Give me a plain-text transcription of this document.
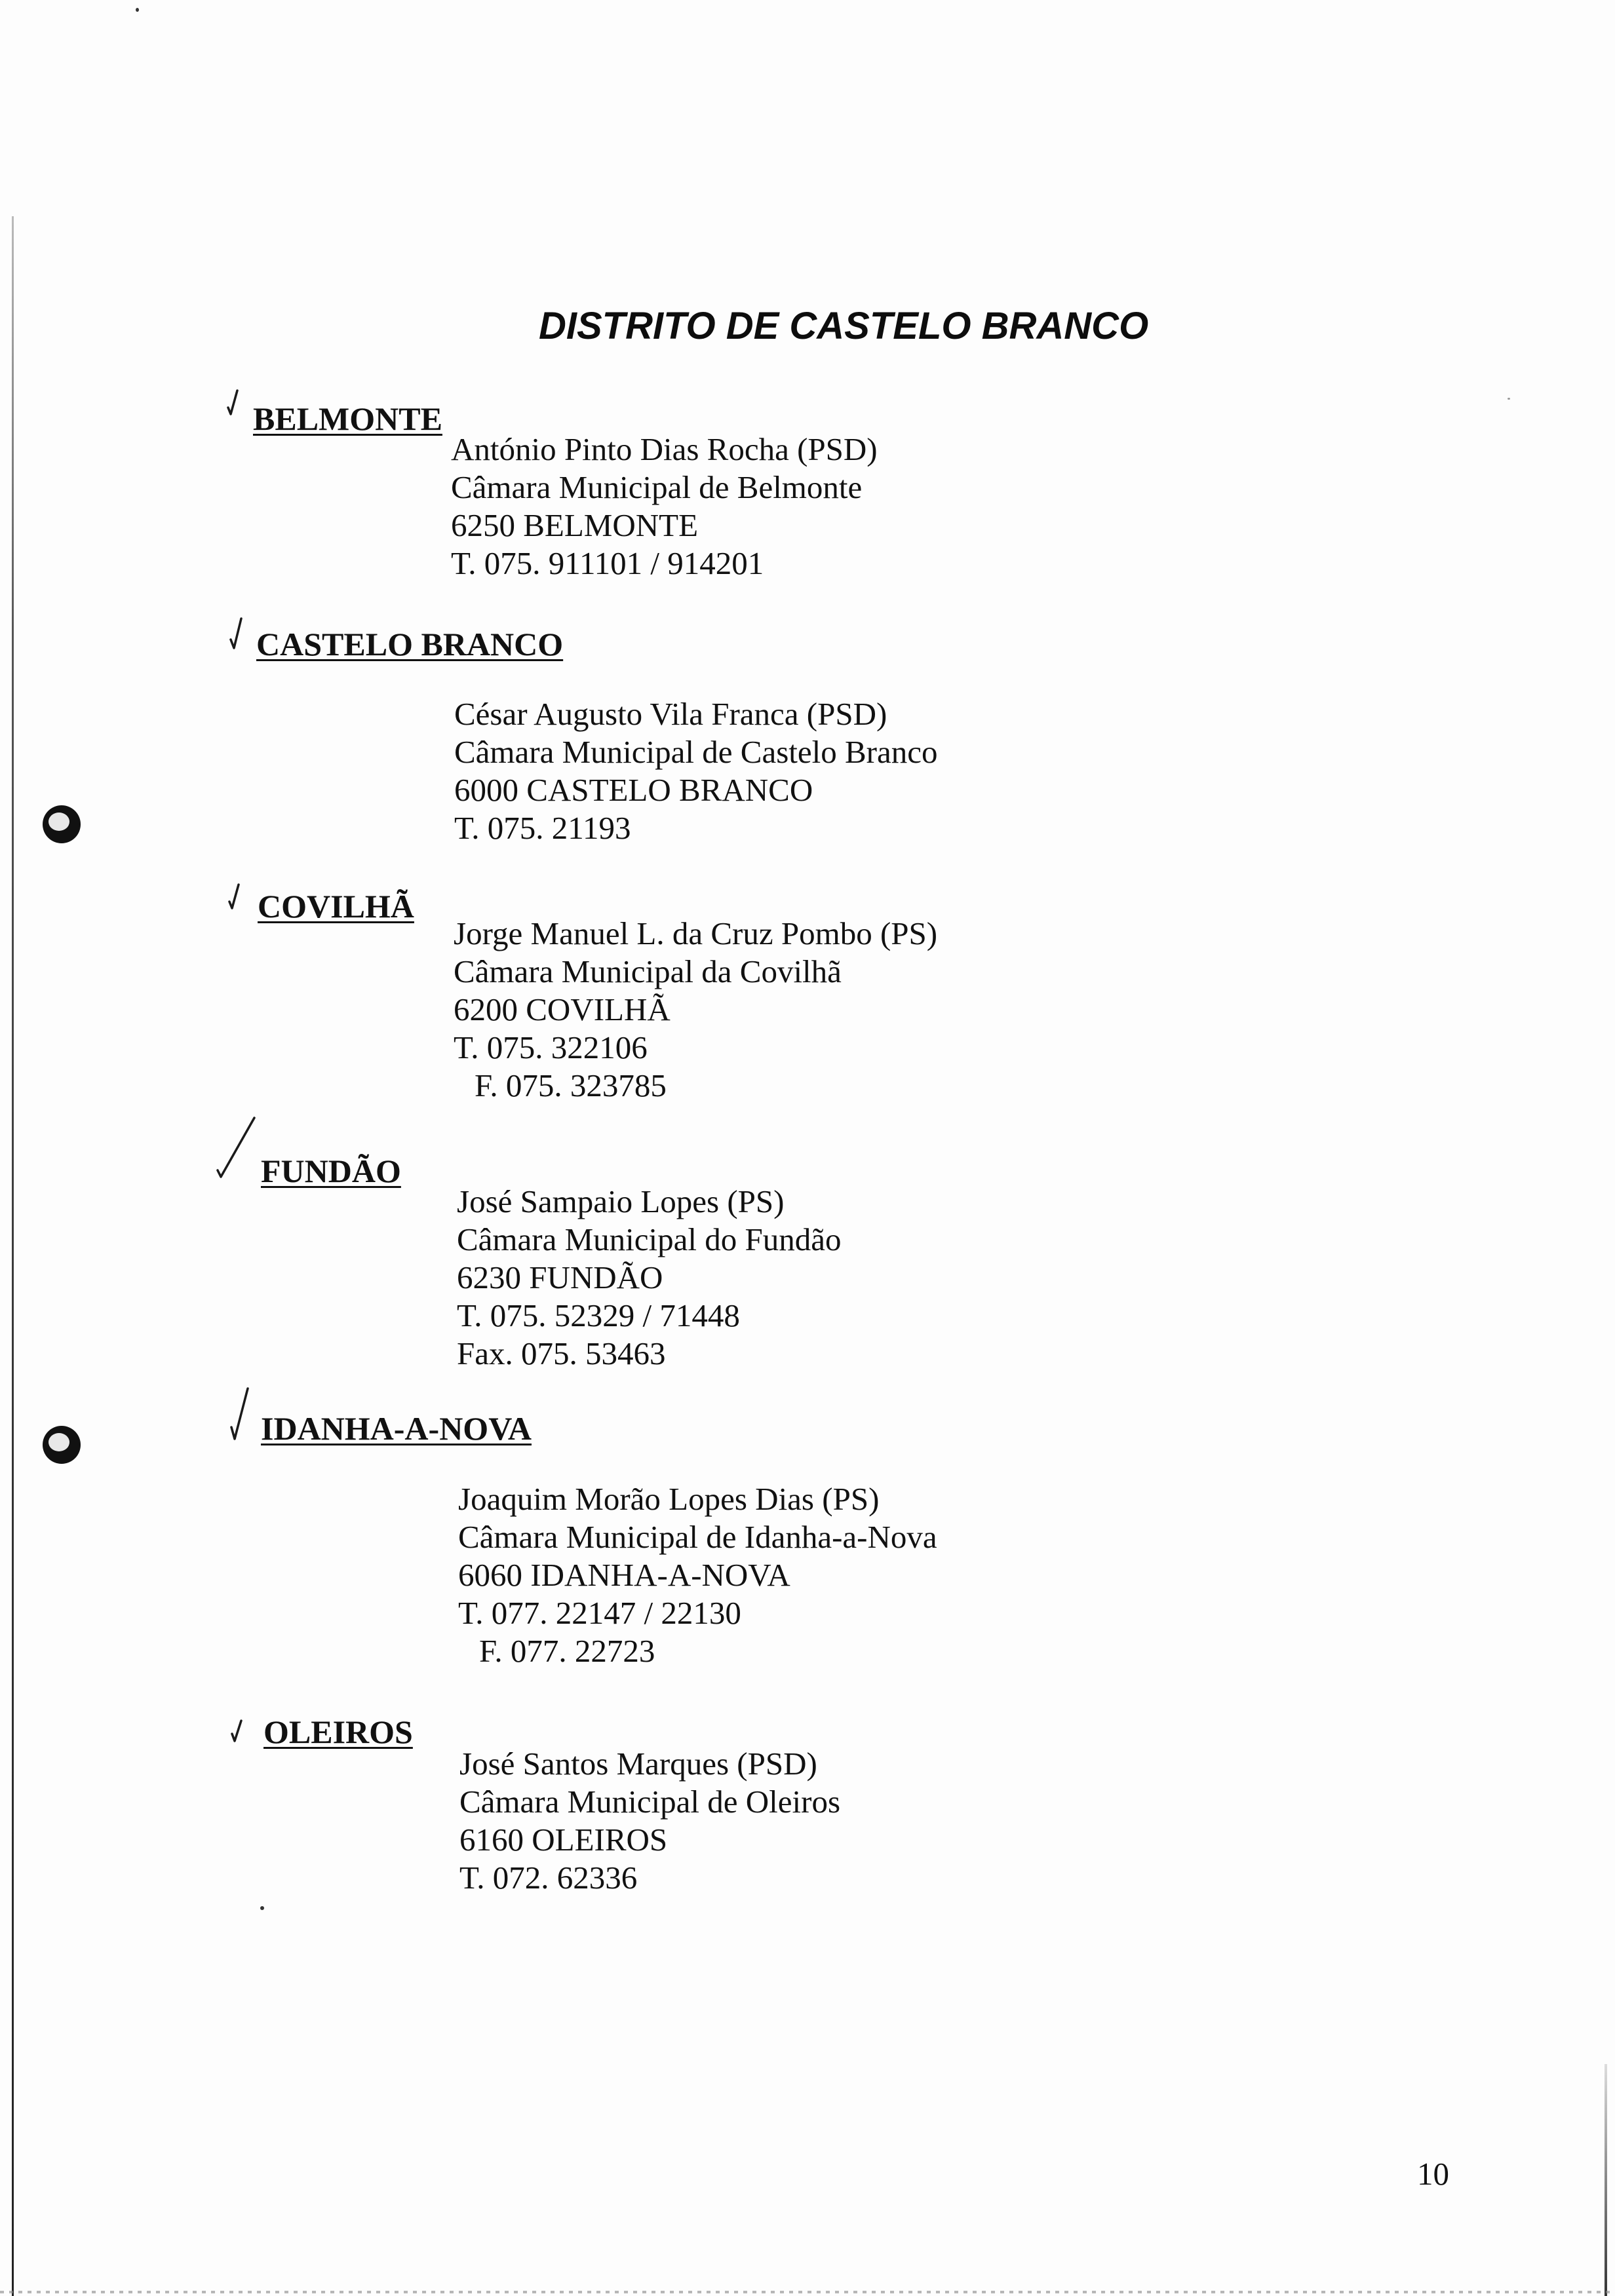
DISTRITO DE CASTELO BRANCO
BELMONTE
António Pinto Dias Rocha (PSD)
Câmara Municipal de Belmonte
6250 BELMONTE
T. 075. 911101 / 914201
CASTELO BRANCO
César Augusto Vila Franca (PSD)
Câmara Municipal de Castelo Branco
6000 CASTELO BRANCO
T. 075. 21193
COVILHÃ
Jorge Manuel L. da Cruz Pombo (PS)
Câmara Municipal da Covilhã
6200 COVILHÃ
T. 075. 322106
F. 075. 323785
FUNDÃO
José Sampaio Lopes (PS)
Câmara Municipal do Fundão
6230 FUNDÃO
T. 075. 52329 / 71448
Fax. 075. 53463
IDANHA-A-NOVA
Joaquim Morão Lopes Dias (PS)
Câmara Municipal de Idanha-a-Nova
6060 IDANHA-A-NOVA
T. 077. 22147 / 22130
F. 077. 22723
OLEIROS
José Santos Marques (PSD)
Câmara Municipal de Oleiros
6160 OLEIROS
T. 072. 62336
10
